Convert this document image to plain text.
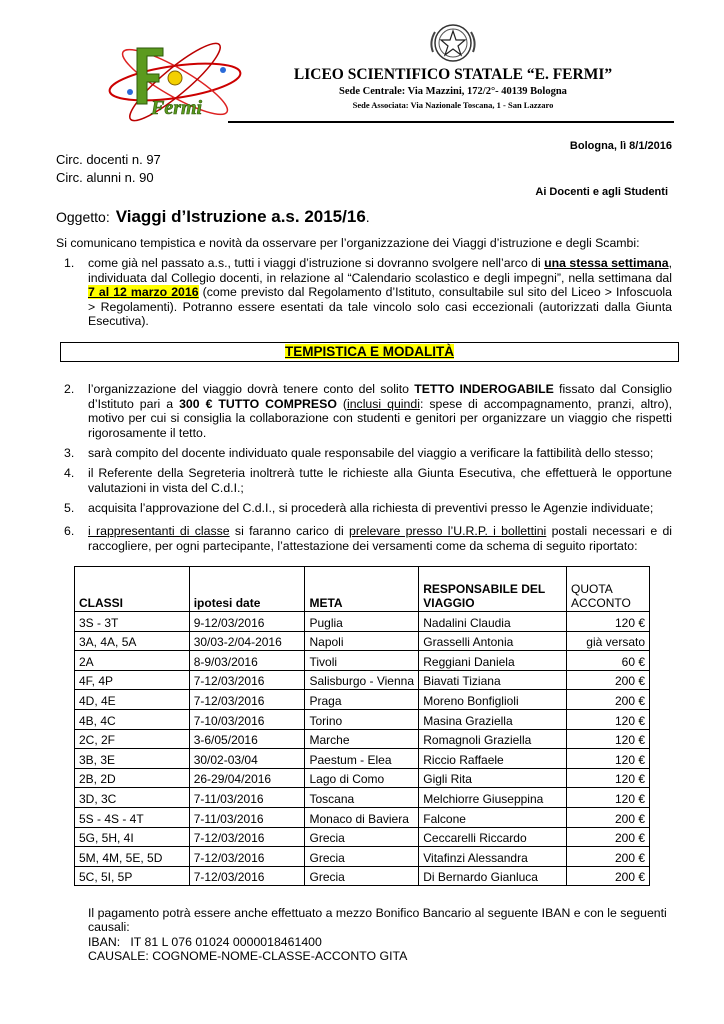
Fermi
LICEO SCIENTIFICO STATALE “E. FERMI”
Sede Centrale: Via Mazzini, 172/2°- 40139 Bologna
Sede Associata: Via Nazionale Toscana, 1 - San Lazzaro
Bologna, lì 8/1/2016
Circ. docenti n. 97
Circ. alunni n. 90
Ai Docenti e agli Studenti
Oggetto: Viaggi d’Istruzione a.s. 2015/16.
Si comunicano tempistica e novità da osservare per l’organizzazione dei Viaggi d’istruzione e degli Scambi:
1. come già nel passato a.s., tutti i viaggi d’istruzione si dovranno svolgere nell’arco di una stessa settimana, individuata dal Collegio docenti, in relazione al “Calendario scolastico e degli impegni”, nella settimana dal 7 al 12 marzo 2016 (come previsto dal Regolamento d’Istituto, consultabile sul sito del Liceo > Infoscuola > Regolamenti). Potranno essere esentati da tale vincolo solo casi eccezionali (autorizzati dalla Giunta Esecutiva).
TEMPISTICA E MODALITÀ
2. l’organizzazione del viaggio dovrà tenere conto del solito TETTO INDEROGABILE fissato dal Consiglio d’Istituto pari a 300 € TUTTO COMPRESO (inclusi quindi: spese di accompagnamento, pranzi, altro), motivo per cui si consiglia la collaborazione con studenti e genitori per organizzare un viaggio che rispetti rigorosamente il tetto.
3. sarà compito del docente individuato quale responsabile del viaggio a verificare la fattibilità dello stesso;
4. il Referente della Segreteria inoltrerà tutte le richieste alla Giunta Esecutiva, che effettuerà le opportune valutazioni in vista del C.d.I.;
5. acquisita l’approvazione del C.d.I., si procederà alla richiesta di preventivi presso le Agenzie individuate;
6. i rappresentanti di classe si faranno carico di prelevare presso l’U.R.P. i bollettini postali necessari e di raccogliere, per ogni partecipante, l’attestazione dei versamenti come da schema di seguito riportato:
CLASSI	ipotesi date	META	RESPONSABILE DEL VIAGGIO	QUOTA ACCONTO
3S - 3T	9-12/03/2016	Puglia	Nadalini Claudia	120 €
3A, 4A, 5A	30/03-2/04-2016	Napoli	Grasselli Antonia	già versato
2A	8-9/03/2016	Tivoli	Reggiani Daniela	60 €
4F, 4P	7-12/03/2016	Salisburgo - Vienna	Biavati Tiziana	200 €
4D, 4E	7-12/03/2016	Praga	Moreno Bonfiglioli	200 €
4B, 4C	7-10/03/2016	Torino	Masina Graziella	120 €
2C, 2F	3-6/05/2016	Marche	Romagnoli Graziella	120 €
3B, 3E	30/02-03/04	Paestum - Elea	Riccio Raffaele	120 €
2B, 2D	26-29/04/2016	Lago di Como	Gigli Rita	120 €
3D, 3C	7-11/03/2016	Toscana	Melchiorre Giuseppina	120 €
5S - 4S - 4T	7-11/03/2016	Monaco di Baviera	Falcone	200 €
5G, 5H, 4I	7-12/03/2016	Grecia	Ceccarelli Riccardo	200 €
5M, 4M, 5E, 5D	7-12/03/2016	Grecia	Vitafinzi Alessandra	200 €
5C, 5I, 5P	7-12/03/2016	Grecia	Di Bernardo Gianluca	200 €
Il pagamento potrà essere anche effettuato a mezzo Bonifico Bancario al seguente IBAN e con le seguenti causali:
IBAN: IT 81 L 076 01024 0000018461400
CAUSALE: COGNOME-NOME-CLASSE-ACCONTO GITA
